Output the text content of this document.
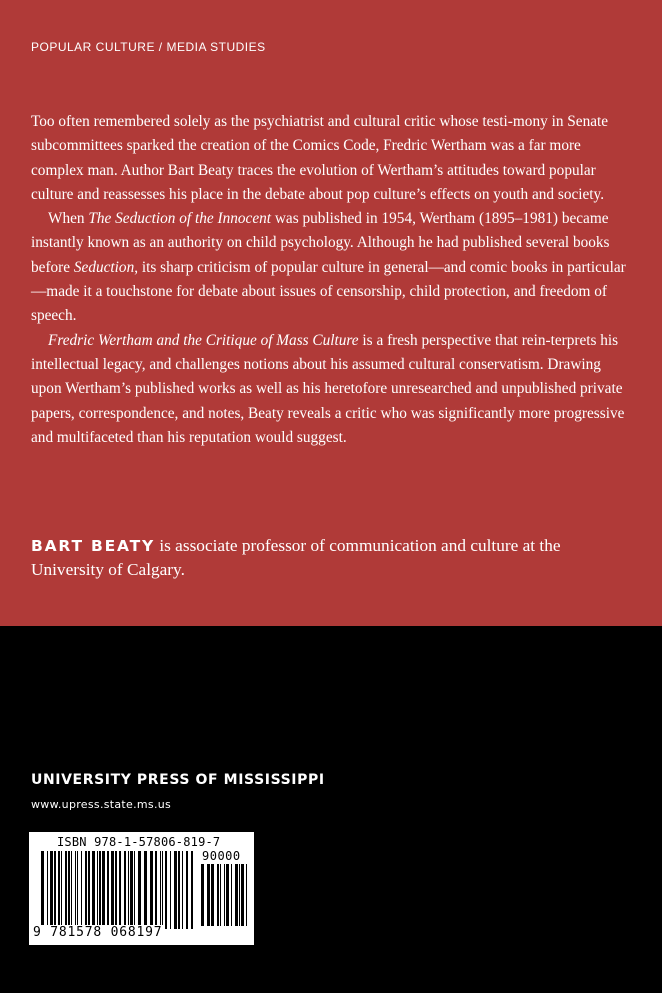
POPULAR CULTURE / MEDIA STUDIES

Too often remembered solely as the psychiatrist and cultural critic whose testi-mony in Senate subcommittees sparked the creation of the Comics Code, Fredric Wertham was a far more complex man. Author Bart Beaty traces the evolution of Wertham’s attitudes toward popular culture and reassesses his place in the debate about pop culture’s effects on youth and society.

When The Seduction of the Innocent was published in 1954, Wertham (1895–1981) became instantly known as an authority on child psychology. Although he had published several books before Seduction, its sharp criticism of popular culture in general—and comic books in particular—made it a touchstone for debate about issues of censorship, child protection, and freedom of speech.

Fredric Wertham and the Critique of Mass Culture is a fresh perspective that rein-terprets his intellectual legacy, and challenges notions about his assumed cultural conservatism. Drawing upon Wertham’s published works as well as his heretofore unresearched and unpublished private papers, correspondence, and notes, Beaty reveals a critic who was significantly more progressive and multifaceted than his reputation would suggest.

BART BEATY is associate professor of communication and culture at the University of Calgary.
UNIVERSITY PRESS OF MISSISSIPPI
www.upress.state.ms.us
ISBN 978-1-57806-819-7
90000
9 781578 068197
